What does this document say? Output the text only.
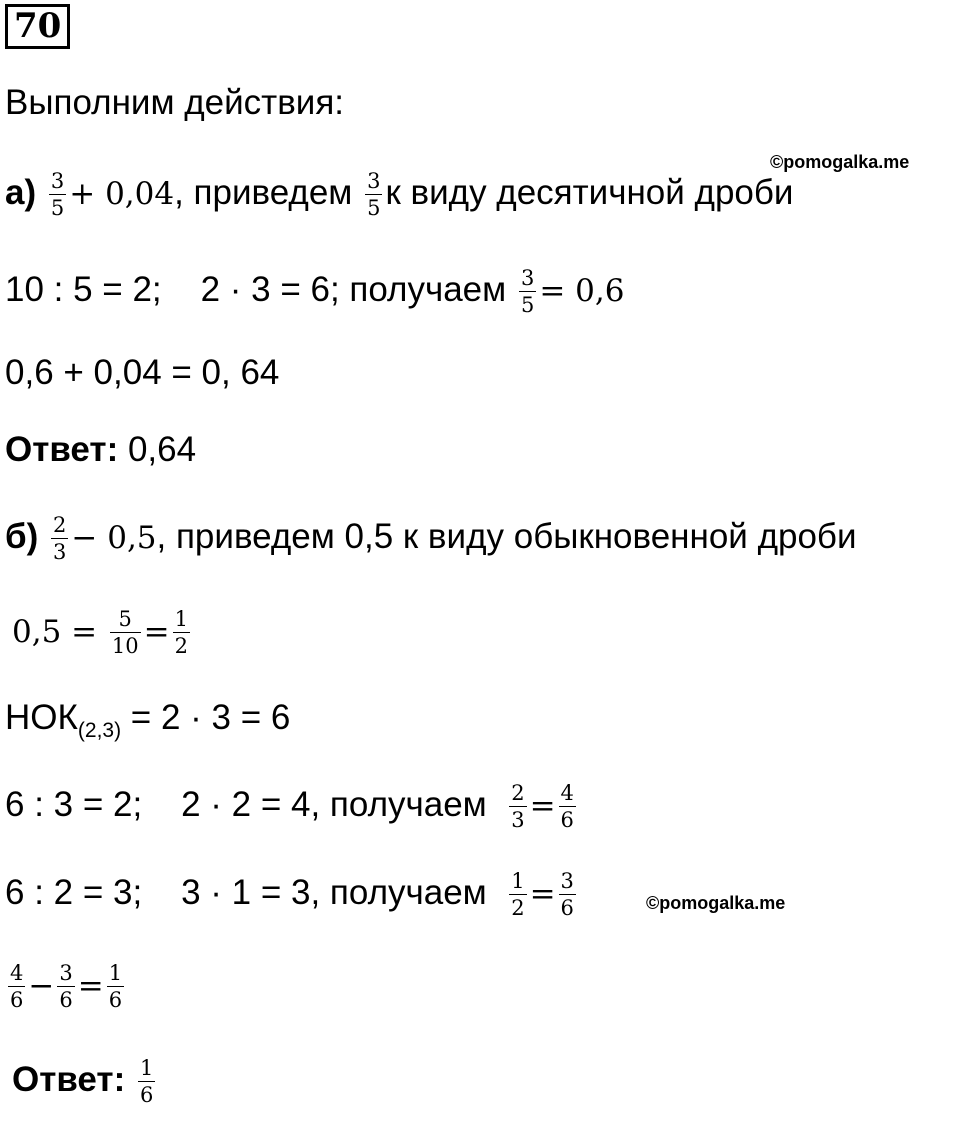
70
Выполним действия:
$а) \frac{3}{5} + 0,04$, приведем $\frac{3}{5}$ к виду десятичной дроби
©pomogalka.me
10 : 5 = 2; 2 · 3 = 6; получаем $\frac{3}{5} = 0,6$
0,6 + 0,04 = 0, 64
Ответ: 0,64
$б) \frac{2}{3} - 0,5$, приведем 0,5 к виду обыкновенной дроби
$0,5 = \frac{5}{10} = \frac{1}{2}$
$НОК_{(2,3)} = 2 \cdot 3 = 6$
6 : 3 = 2; 2 · 2 = 4, получаем $\frac{2}{3} = \frac{4}{6}$
6 : 2 = 3; 3 · 1 = 3, получаем $\frac{1}{2} = \frac{3}{6}$	©pomogalka.me
$\frac{4}{6} - \frac{3}{6} = \frac{1}{6}$
Ответ: $\frac{1}{6}$
